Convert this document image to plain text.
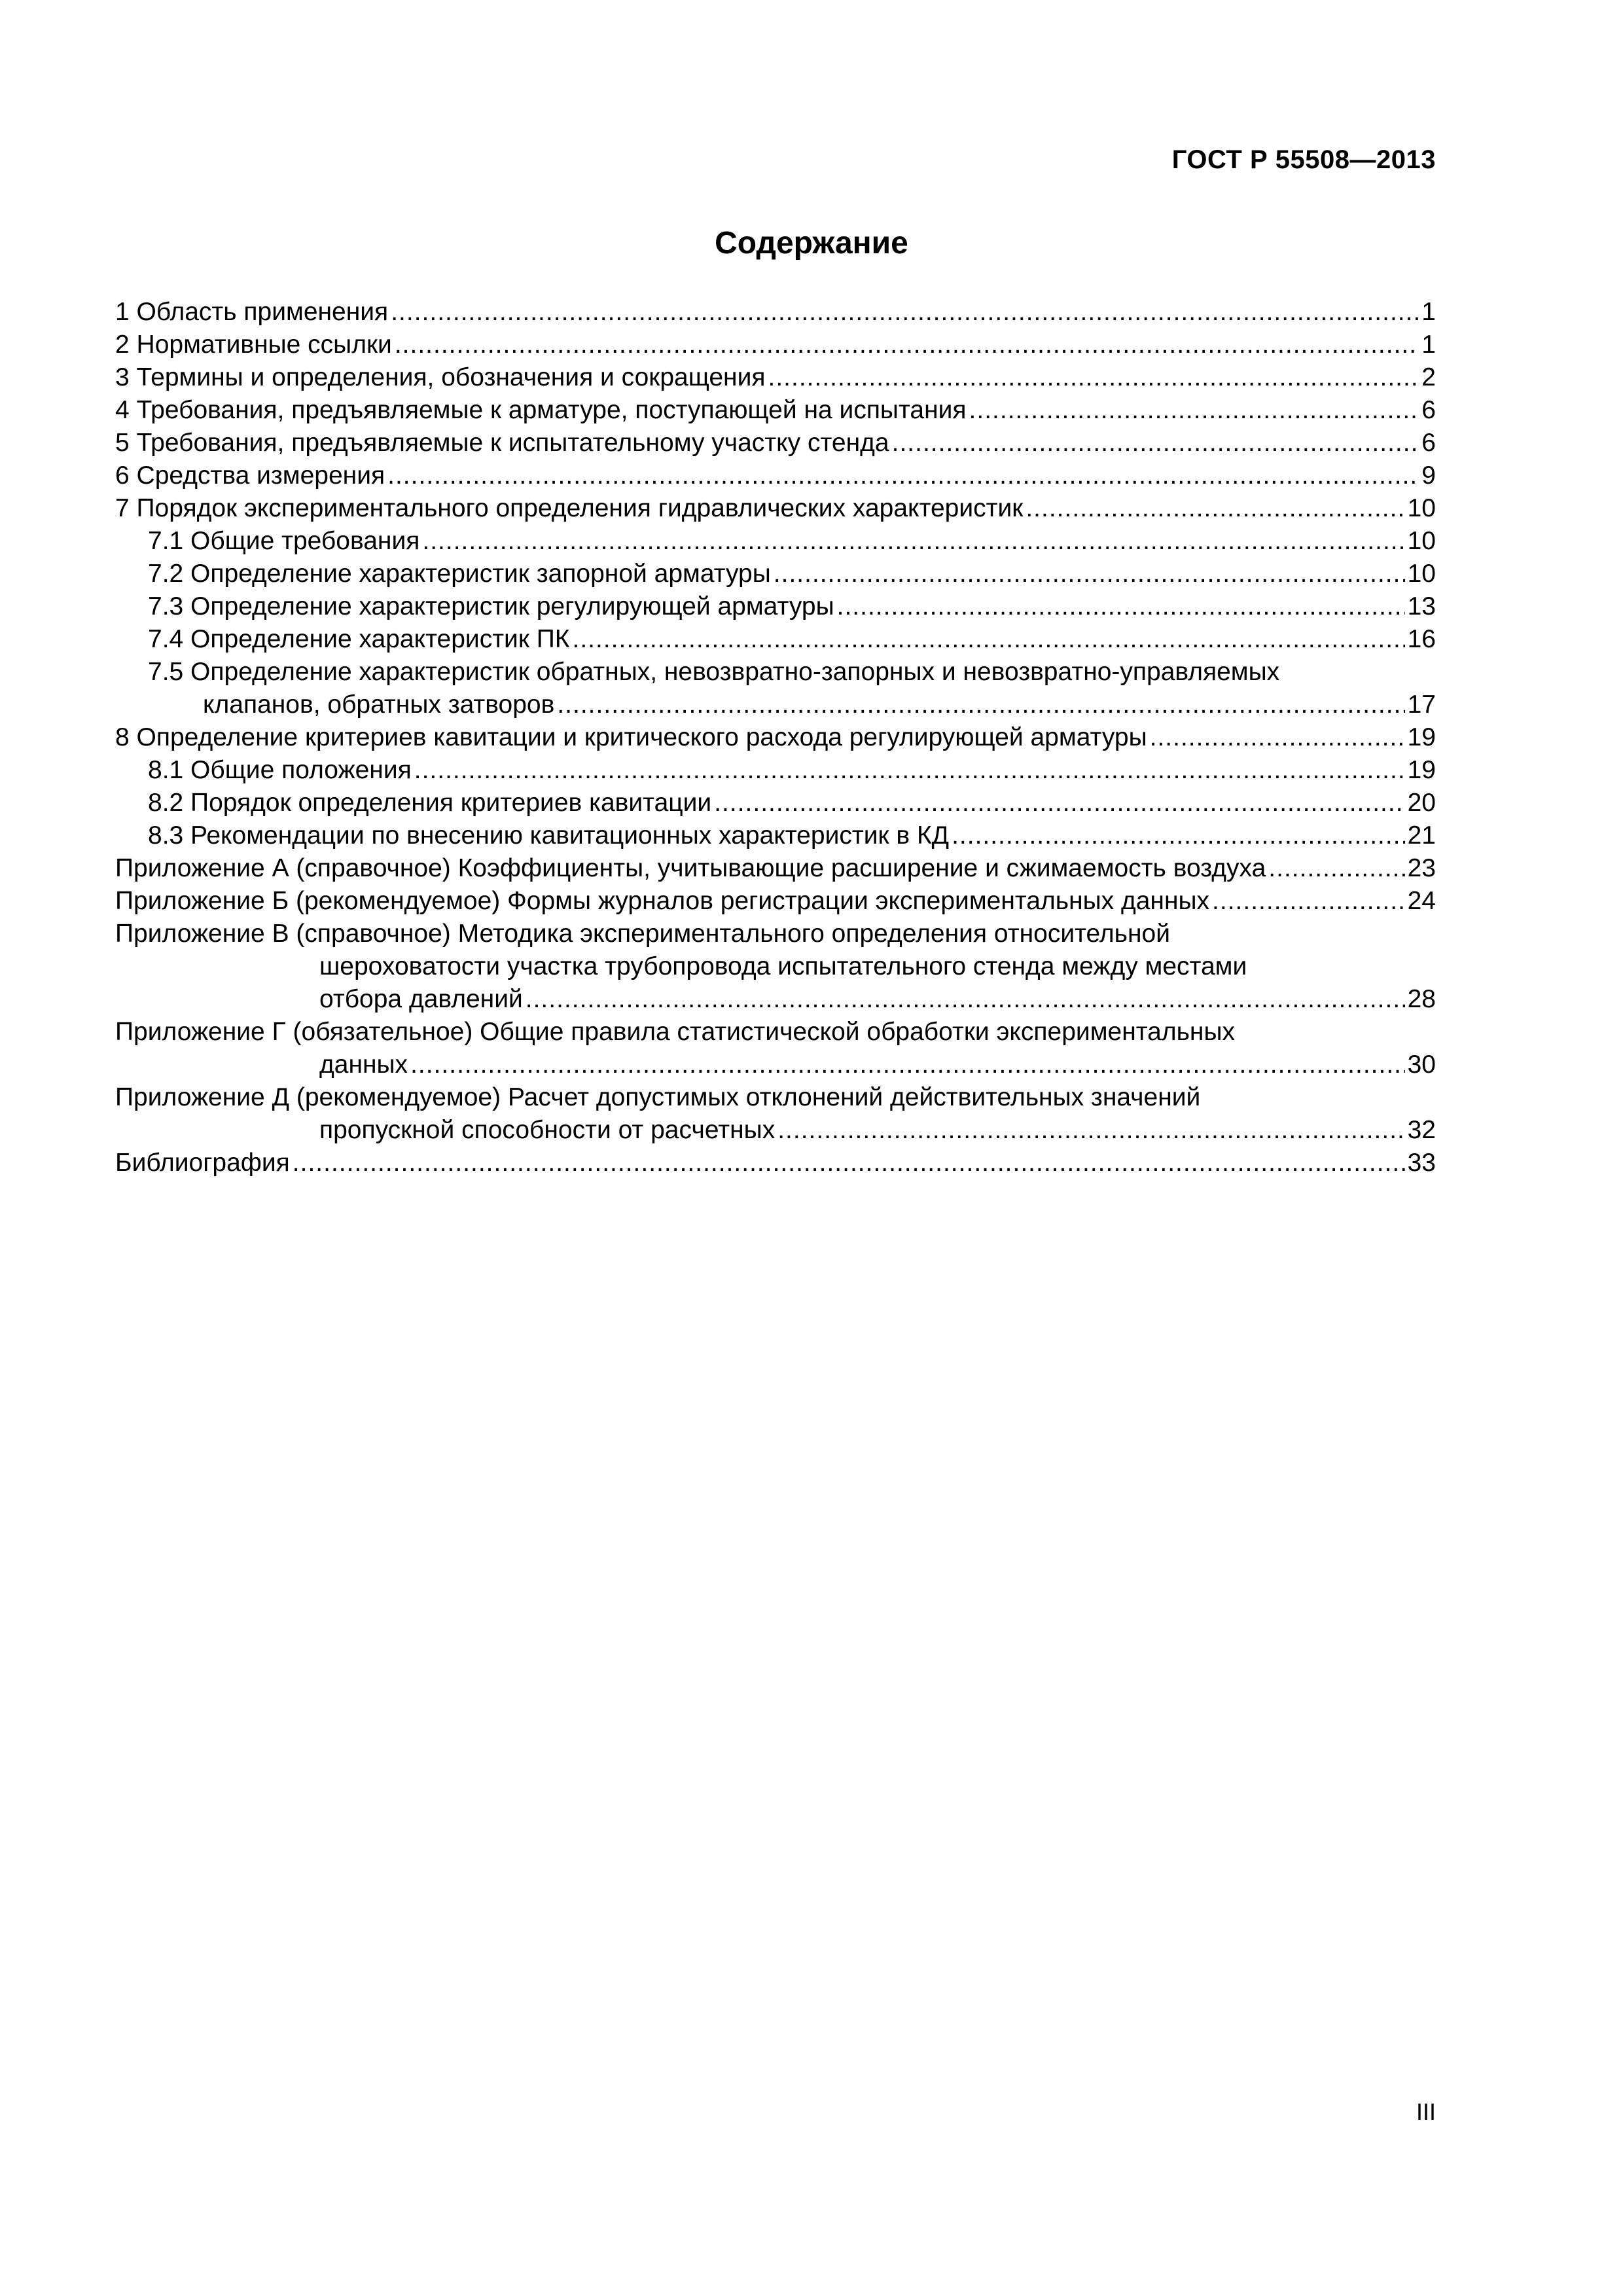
ГОСТ Р 55508—2013
Содержание
1 Область применения .....	1
2 Нормативные ссылки .....	1
3 Термины и определения, обозначения и сокращения .....	2
4 Требования, предъявляемые к арматуре, поступающей на испытания .....	6
5 Требования, предъявляемые к испытательному участку стенда .....	6
6 Средства измерения .....	9
7 Порядок экспериментального определения гидравлических характеристик .....	10
7.1 Общие требования .....	10
7.2 Определение характеристик запорной арматуры .....	10
7.3 Определение характеристик регулирующей арматуры .....	13
7.4 Определение характеристик ПК .....	16
7.5 Определение характеристик обратных, невозвратно-запорных и невозвратно-управляемых
клапанов, обратных затворов .....	17
8 Определение критериев кавитации и критического расхода регулирующей арматуры .....	19
8.1 Общие положения .....	19
8.2 Порядок определения критериев кавитации .....	20
8.3 Рекомендации по внесению кавитационных характеристик в КД .....	21
Приложение А (справочное) Коэффициенты, учитывающие расширение и сжимаемость воздуха .....	23
Приложение Б (рекомендуемое) Формы журналов регистрации экспериментальных данных .....	24
Приложение В (справочное) Методика экспериментального определения относительной
шероховатости участка трубопровода испытательного стенда между местами
отбора давлений .....	28
Приложение Г (обязательное) Общие правила статистической обработки экспериментальных
данных .....	30
Приложение Д (рекомендуемое) Расчет допустимых отклонений действительных значений
пропускной способности от расчетных .....	32
Библиография .....	33
III
